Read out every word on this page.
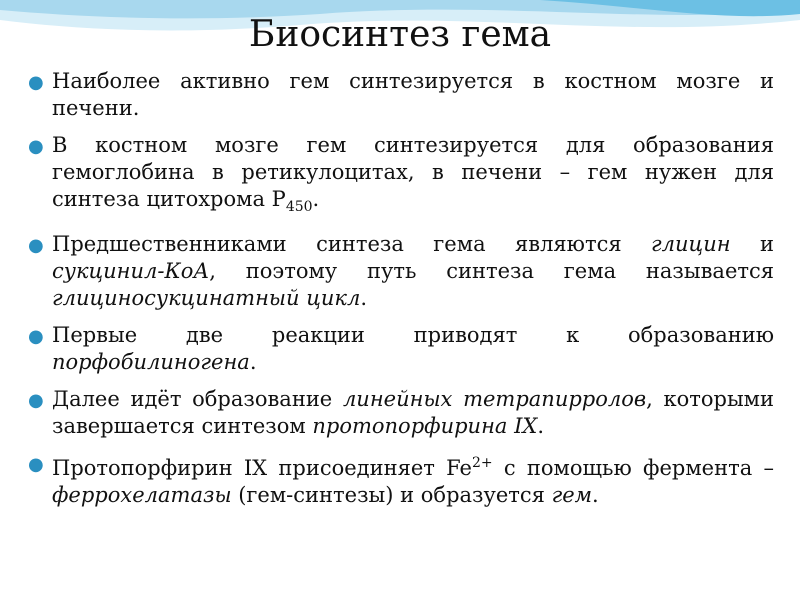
Биосинтез гема
● Наиболее активно гем синтезируется в костном мозге и печени.
● В костном мозге гем синтезируется для образования гемоглобина в ретикулоцитах, в печени – гем нужен для синтеза цитохрома $Р_{450}$.
● Предшественниками синтеза гема являются глицин и сукцинил-КоА, поэтому путь синтеза гема называется глициносукцинатный цикл.
● Первые две реакции приводят к образованию порфобилиногена.
● Далее идёт образование линейных тетрапирролов, которыми завершается синтезом протопорфирина IX.
● Протопорфирин IX присоединяет $Fe^{2+}$ с помощью фермента – феррохелатазы (гем-синтезы) и образуется гем.
